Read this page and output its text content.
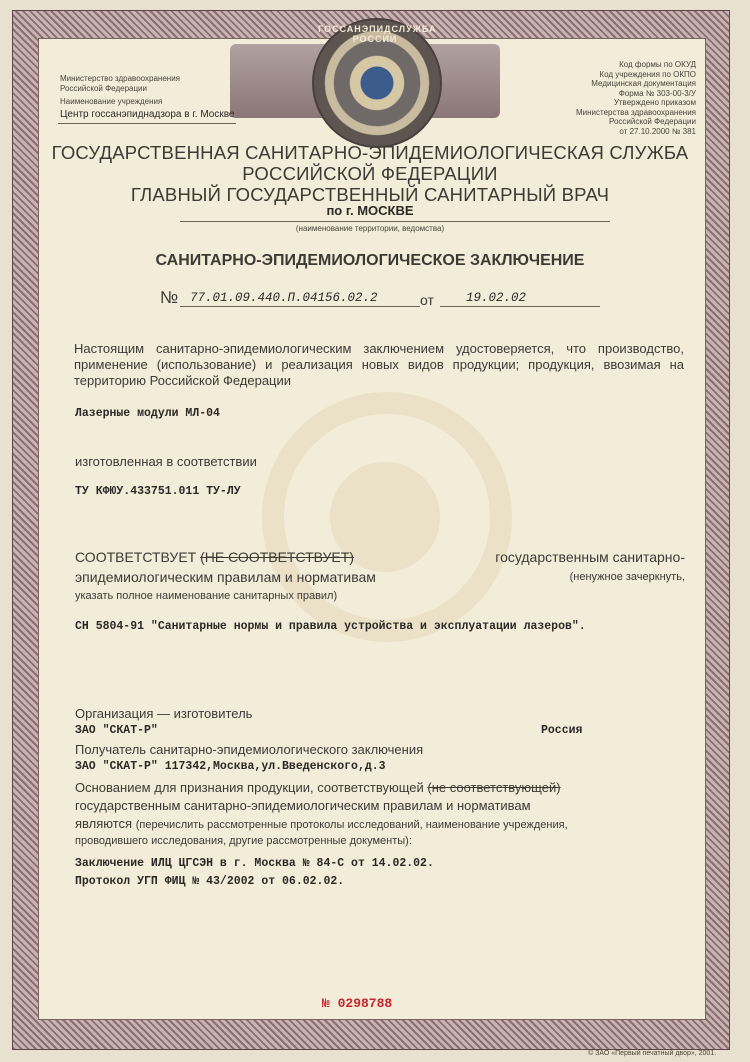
ГОССАНЭПИДСЛУЖБА РОССИИ
Министерство здравоохранения Российской Федерации
Наименование учреждения
Центр госсанэпиднадзора в г. Москве
Код формы по ОКУД
Код учреждения по ОКПО
Медицинская документация
Форма № 303-00-3/У
Утверждено приказом
Министерства здравоохранения
Российской Федерации
от 27.10.2000 № 381
ГОСУДАРСТВЕННАЯ САНИТАРНО-ЭПИДЕМИОЛОГИЧЕСКАЯ СЛУЖБА
РОССИЙСКОЙ ФЕДЕРАЦИИ
ГЛАВНЫЙ ГОСУДАРСТВЕННЫЙ САНИТАРНЫЙ ВРАЧ
по г. МОСКВЕ
(наименование территории, ведомства)
САНИТАРНО-ЭПИДЕМИОЛОГИЧЕСКОЕ ЗАКЛЮЧЕНИЕ
№ 77.01.09.440.П.04156.02.2	от	19.02.02
Настоящим санитарно-эпидемиологическим заключением удостоверяется, что производство, применение (использование) и реализация новых видов продукции; продукция, ввозимая на территорию Российской Федерации
Лазерные модули МЛ-04
изготовленная в соответствии
ТУ КФЮУ.433751.011 ТУ-ЛУ
СООТВЕТСТВУЕТ (НЕ СООТВЕТСТВУЕТ)	государственным санитарно-
эпидемиологическим правилам и нормативам	(ненужное зачеркнуть,
указать полное наименование санитарных правил)
СН 5804-91 "Санитарные нормы и правила устройства и эксплуатации лазеров".
Организация — изготовитель
ЗАО "СКАТ-Р"	Россия
Получатель санитарно-эпидемиологического заключения
ЗАО "СКАТ-Р" 117342,Москва,ул.Введенского,д.3
Основанием для признания продукции, соответствующей (не соответствующей)
государственным санитарно-эпидемиологическим правилам и нормативам
являются (перечислить рассмотренные протоколы исследований, наименование учреждения,
проводившего исследования, другие рассмотренные документы):
Заключение ИЛЦ ЦГСЭН в г. Москва № 84-С от 14.02.02.
Протокол УГП ФИЦ № 43/2002 от 06.02.02.
№ 0298788
© ЗАО «Первый печатный двор», 2001.
